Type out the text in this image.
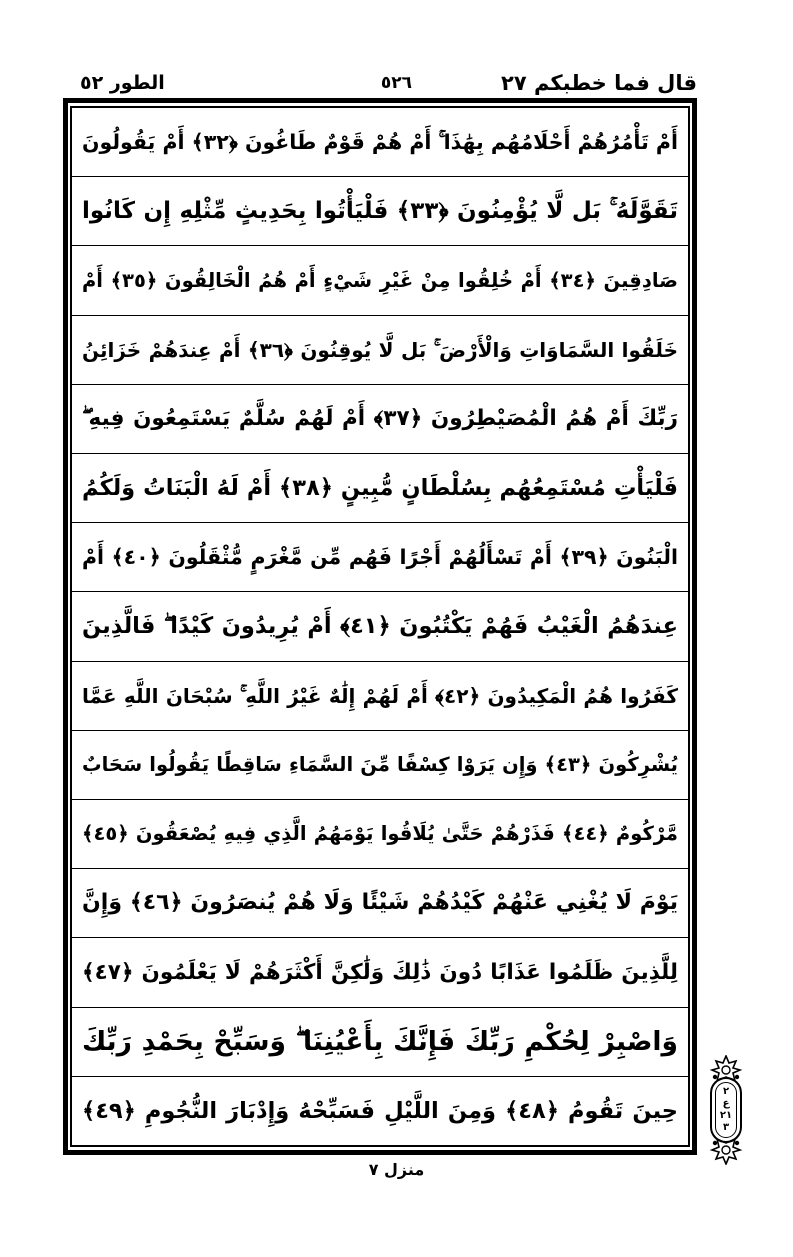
قال فما خطبكم ٢٧
٥٢٦
الطور ٥٢
أَمْ تَأْمُرُهُمْ أَحْلَامُهُم بِهَٰذَا ۚ أَمْ هُمْ قَوْمٌ طَاغُونَ ﴿٣٢﴾ أَمْ يَقُولُونَ
تَقَوَّلَهُ ۚ بَل لَّا يُؤْمِنُونَ ﴿٣٣﴾ فَلْيَأْتُوا بِحَدِيثٍ مِّثْلِهِ إِن كَانُوا
صَادِقِينَ ﴿٣٤﴾ أَمْ خُلِقُوا مِنْ غَيْرِ شَيْءٍ أَمْ هُمُ الْخَالِقُونَ ﴿٣٥﴾ أَمْ
خَلَقُوا السَّمَاوَاتِ وَالْأَرْضَ ۚ بَل لَّا يُوقِنُونَ ﴿٣٦﴾ أَمْ عِندَهُمْ خَزَائِنُ
رَبِّكَ أَمْ هُمُ الْمُصَيْطِرُونَ ﴿٣٧﴾ أَمْ لَهُمْ سُلَّمٌ يَسْتَمِعُونَ فِيهِ ۖ
فَلْيَأْتِ مُسْتَمِعُهُم بِسُلْطَانٍ مُّبِينٍ ﴿٣٨﴾ أَمْ لَهُ الْبَنَاتُ وَلَكُمُ
الْبَنُونَ ﴿٣٩﴾ أَمْ تَسْأَلُهُمْ أَجْرًا فَهُم مِّن مَّغْرَمٍ مُّثْقَلُونَ ﴿٤٠﴾ أَمْ
عِندَهُمُ الْغَيْبُ فَهُمْ يَكْتُبُونَ ﴿٤١﴾ أَمْ يُرِيدُونَ كَيْدًا ۖ فَالَّذِينَ
كَفَرُوا هُمُ الْمَكِيدُونَ ﴿٤٢﴾ أَمْ لَهُمْ إِلَٰهٌ غَيْرُ اللَّهِ ۚ سُبْحَانَ اللَّهِ عَمَّا
يُشْرِكُونَ ﴿٤٣﴾ وَإِن يَرَوْا كِسْفًا مِّنَ السَّمَاءِ سَاقِطًا يَقُولُوا سَحَابٌ
مَّرْكُومٌ ﴿٤٤﴾ فَذَرْهُمْ حَتَّىٰ يُلَاقُوا يَوْمَهُمُ الَّذِي فِيهِ يُصْعَقُونَ ﴿٤٥﴾
يَوْمَ لَا يُغْنِي عَنْهُمْ كَيْدُهُمْ شَيْئًا وَلَا هُمْ يُنصَرُونَ ﴿٤٦﴾ وَإِنَّ
لِلَّذِينَ ظَلَمُوا عَذَابًا دُونَ ذَٰلِكَ وَلَٰكِنَّ أَكْثَرَهُمْ لَا يَعْلَمُونَ ﴿٤٧﴾
وَاصْبِرْ لِحُكْمِ رَبِّكَ فَإِنَّكَ بِأَعْيُنِنَا ۖ وَسَبِّحْ بِحَمْدِ رَبِّكَ
حِينَ تَقُومُ ﴿٤٨﴾ وَمِنَ اللَّيْلِ فَسَبِّحْهُ وَإِدْبَارَ النُّجُومِ ﴿٤٩﴾
٢
ع
٢١
٣
منزل ٧
